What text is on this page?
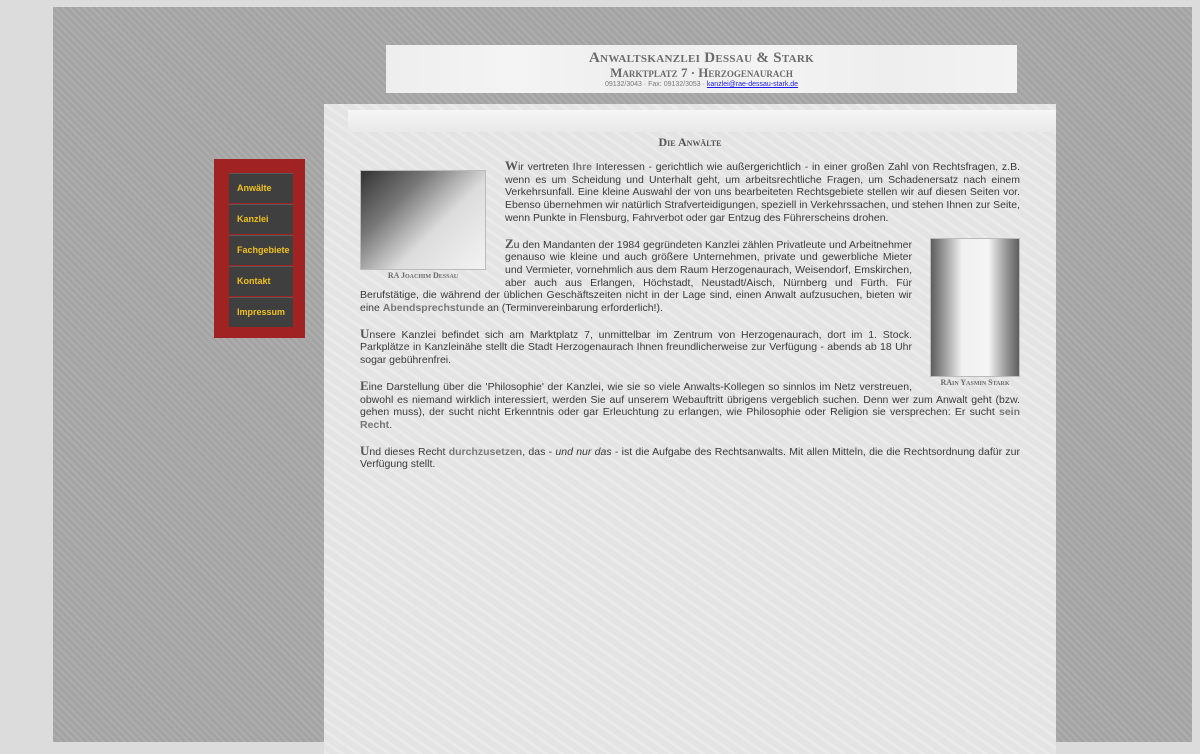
Anwaltskanzlei Dessau & Stark
Marktplatz 7 · Herzogenaurach
09132/3043 · Fax: 09132/3053 · kanzlei@rae-dessau-stark.de
Anwälte
Kanzlei
Fachgebiete
Kontakt
Impressum
Die Anwälte
RA Joachim Dessau

Wir vertreten Ihre Interessen - gerichtlich wie außergerichtlich - in einer großen Zahl von Rechtsfragen, z.B. wenn es um Scheidung und Unterhalt geht, um arbeitsrechtliche Fragen, um Schadenersatz nach einem Verkehrsunfall. Eine kleine Auswahl der von uns bearbeiteten Rechtsgebiete stellen wir auf diesen Seiten vor. Ebenso übernehmen wir natürlich Strafverteidigungen, speziell in Verkehrssachen, und stehen Ihnen zur Seite, wenn Punkte in Flensburg, Fahrverbot oder gar Entzug des Führerscheins drohen.

RAin Yasmin Stark

Zu den Mandanten der 1984 gegründeten Kanzlei zählen Privatleute und Arbeitnehmer genauso wie kleine und auch größere Unternehmen, private und gewerbliche Mieter und Vermieter, vornehmlich aus dem Raum Herzogenaurach, Weisendorf, Emskirchen, aber auch aus Erlangen, Höchstadt, Neustadt/Aisch, Nürnberg und Fürth. Für Berufstätige, die während der üblichen Geschäftszeiten nicht in der Lage sind, einen Anwalt aufzusuchen, bieten wir eine Abendsprechstunde an (Terminvereinbarung erforderlich!).

Unsere Kanzlei befindet sich am Marktplatz 7, unmittelbar im Zentrum von Herzogenaurach, dort im 1. Stock. Parkplätze in Kanzleinähe stellt die Stadt Herzogenaurach Ihnen freundlicherweise zur Verfügung - abends ab 18 Uhr sogar gebührenfrei.

Eine Darstellung über die 'Philosophie' der Kanzlei, wie sie so viele Anwalts-Kollegen so sinnlos im Netz verstreuen, obwohl es niemand wirklich interessiert, werden Sie auf unserem Webauftritt übrigens vergeblich suchen. Denn wer zum Anwalt geht (bzw. gehen muss), der sucht nicht Erkenntnis oder gar Erleuchtung zu erlangen, wie Philosophie oder Religion sie versprechen: Er sucht sein Recht.

Und dieses Recht durchzusetzen, das - und nur das - ist die Aufgabe des Rechtsanwalts. Mit allen Mitteln, die die Rechtsordnung dafür zur Verfügung stellt.
